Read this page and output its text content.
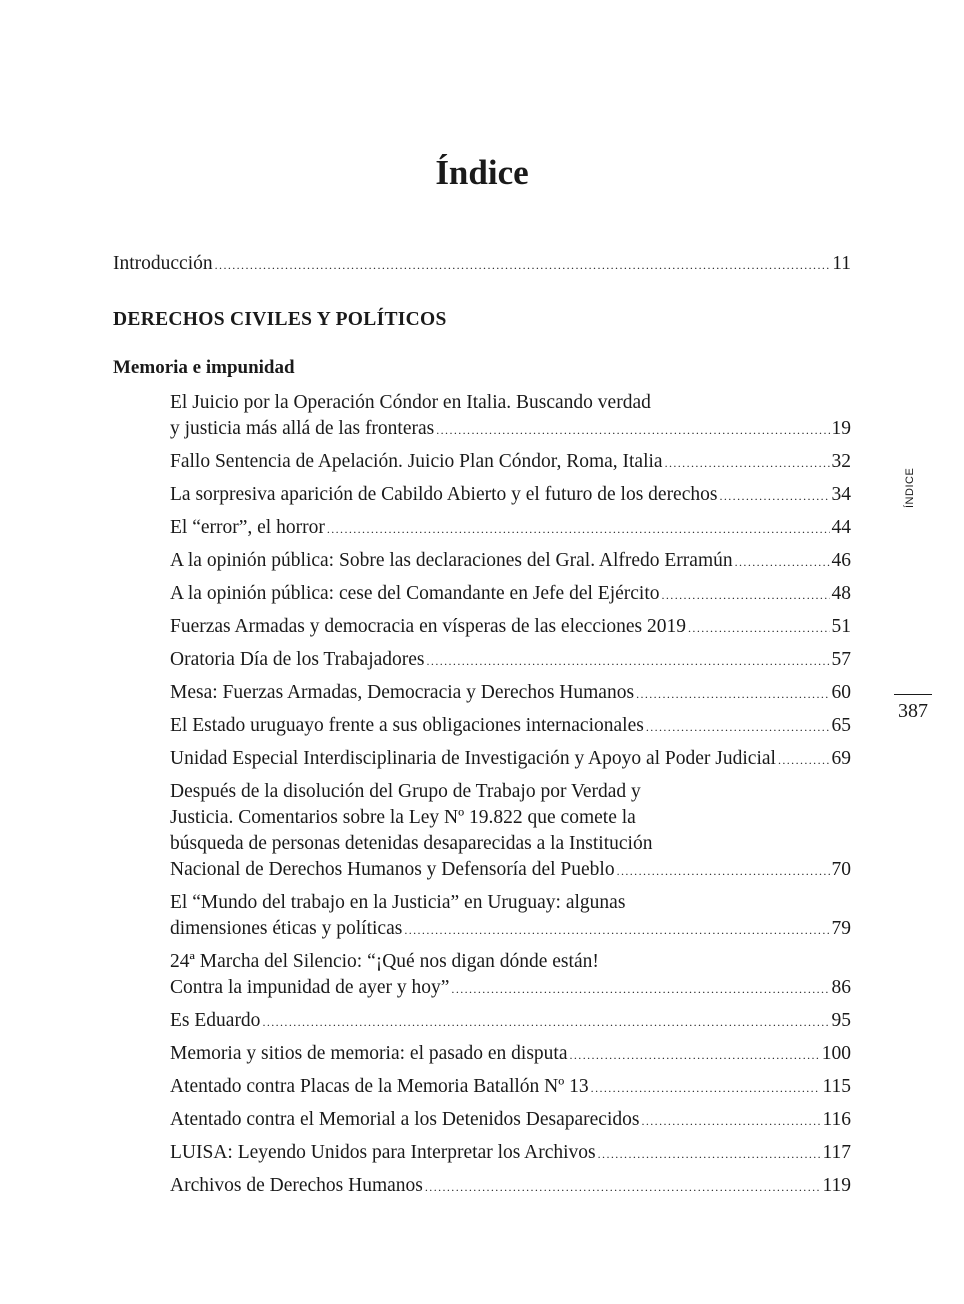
Índice
Introducción .....	11
DERECHOS CIVILES Y POLÍTICOS
Memoria e impunidad
El Juicio por la Operación Cóndor en Italia. Buscando verdad
y justicia más allá de las fronteras .....	19
Fallo Sentencia de Apelación. Juicio Plan Cóndor, Roma, Italia .....	32
La sorpresiva aparición de Cabildo Abierto y el futuro de los derechos .....	34
El “error”, el horror .....	44
A la opinión pública: Sobre las declaraciones del Gral. Alfredo Erramún .....	46
A la opinión pública: cese del Comandante en Jefe del Ejército .....	48
Fuerzas Armadas y democracia en vísperas de las elecciones 2019 .....	51
Oratoria Día de los Trabajadores .....	57
Mesa: Fuerzas Armadas, Democracia y Derechos Humanos .....	60
El Estado uruguayo frente a sus obligaciones internacionales .....	65
Unidad Especial Interdisciplinaria de Investigación y Apoyo al Poder Judicial .....	69
Después de la disolución del Grupo de Trabajo por Verdad y
Justicia. Comentarios sobre la Ley Nº 19.822 que comete la
búsqueda de personas detenidas desaparecidas a la Institución
Nacional de Derechos Humanos y Defensoría del Pueblo .....	70
El “Mundo del trabajo en la Justicia” en Uruguay: algunas
dimensiones éticas y políticas .....	79
24ª Marcha del Silencio: “¡Qué nos digan dónde están!
Contra la impunidad de ayer y hoy” .....	86
Es Eduardo .....	95
Memoria y sitios de memoria: el pasado en disputa .....	100
Atentado contra Placas de la Memoria Batallón Nº 13 .....	115
Atentado contra el Memorial a los Detenidos Desaparecidos .....	116
LUISA: Leyendo Unidos para Interpretar los Archivos .....	117
Archivos de Derechos Humanos .....	119
ÍNDICE
387
